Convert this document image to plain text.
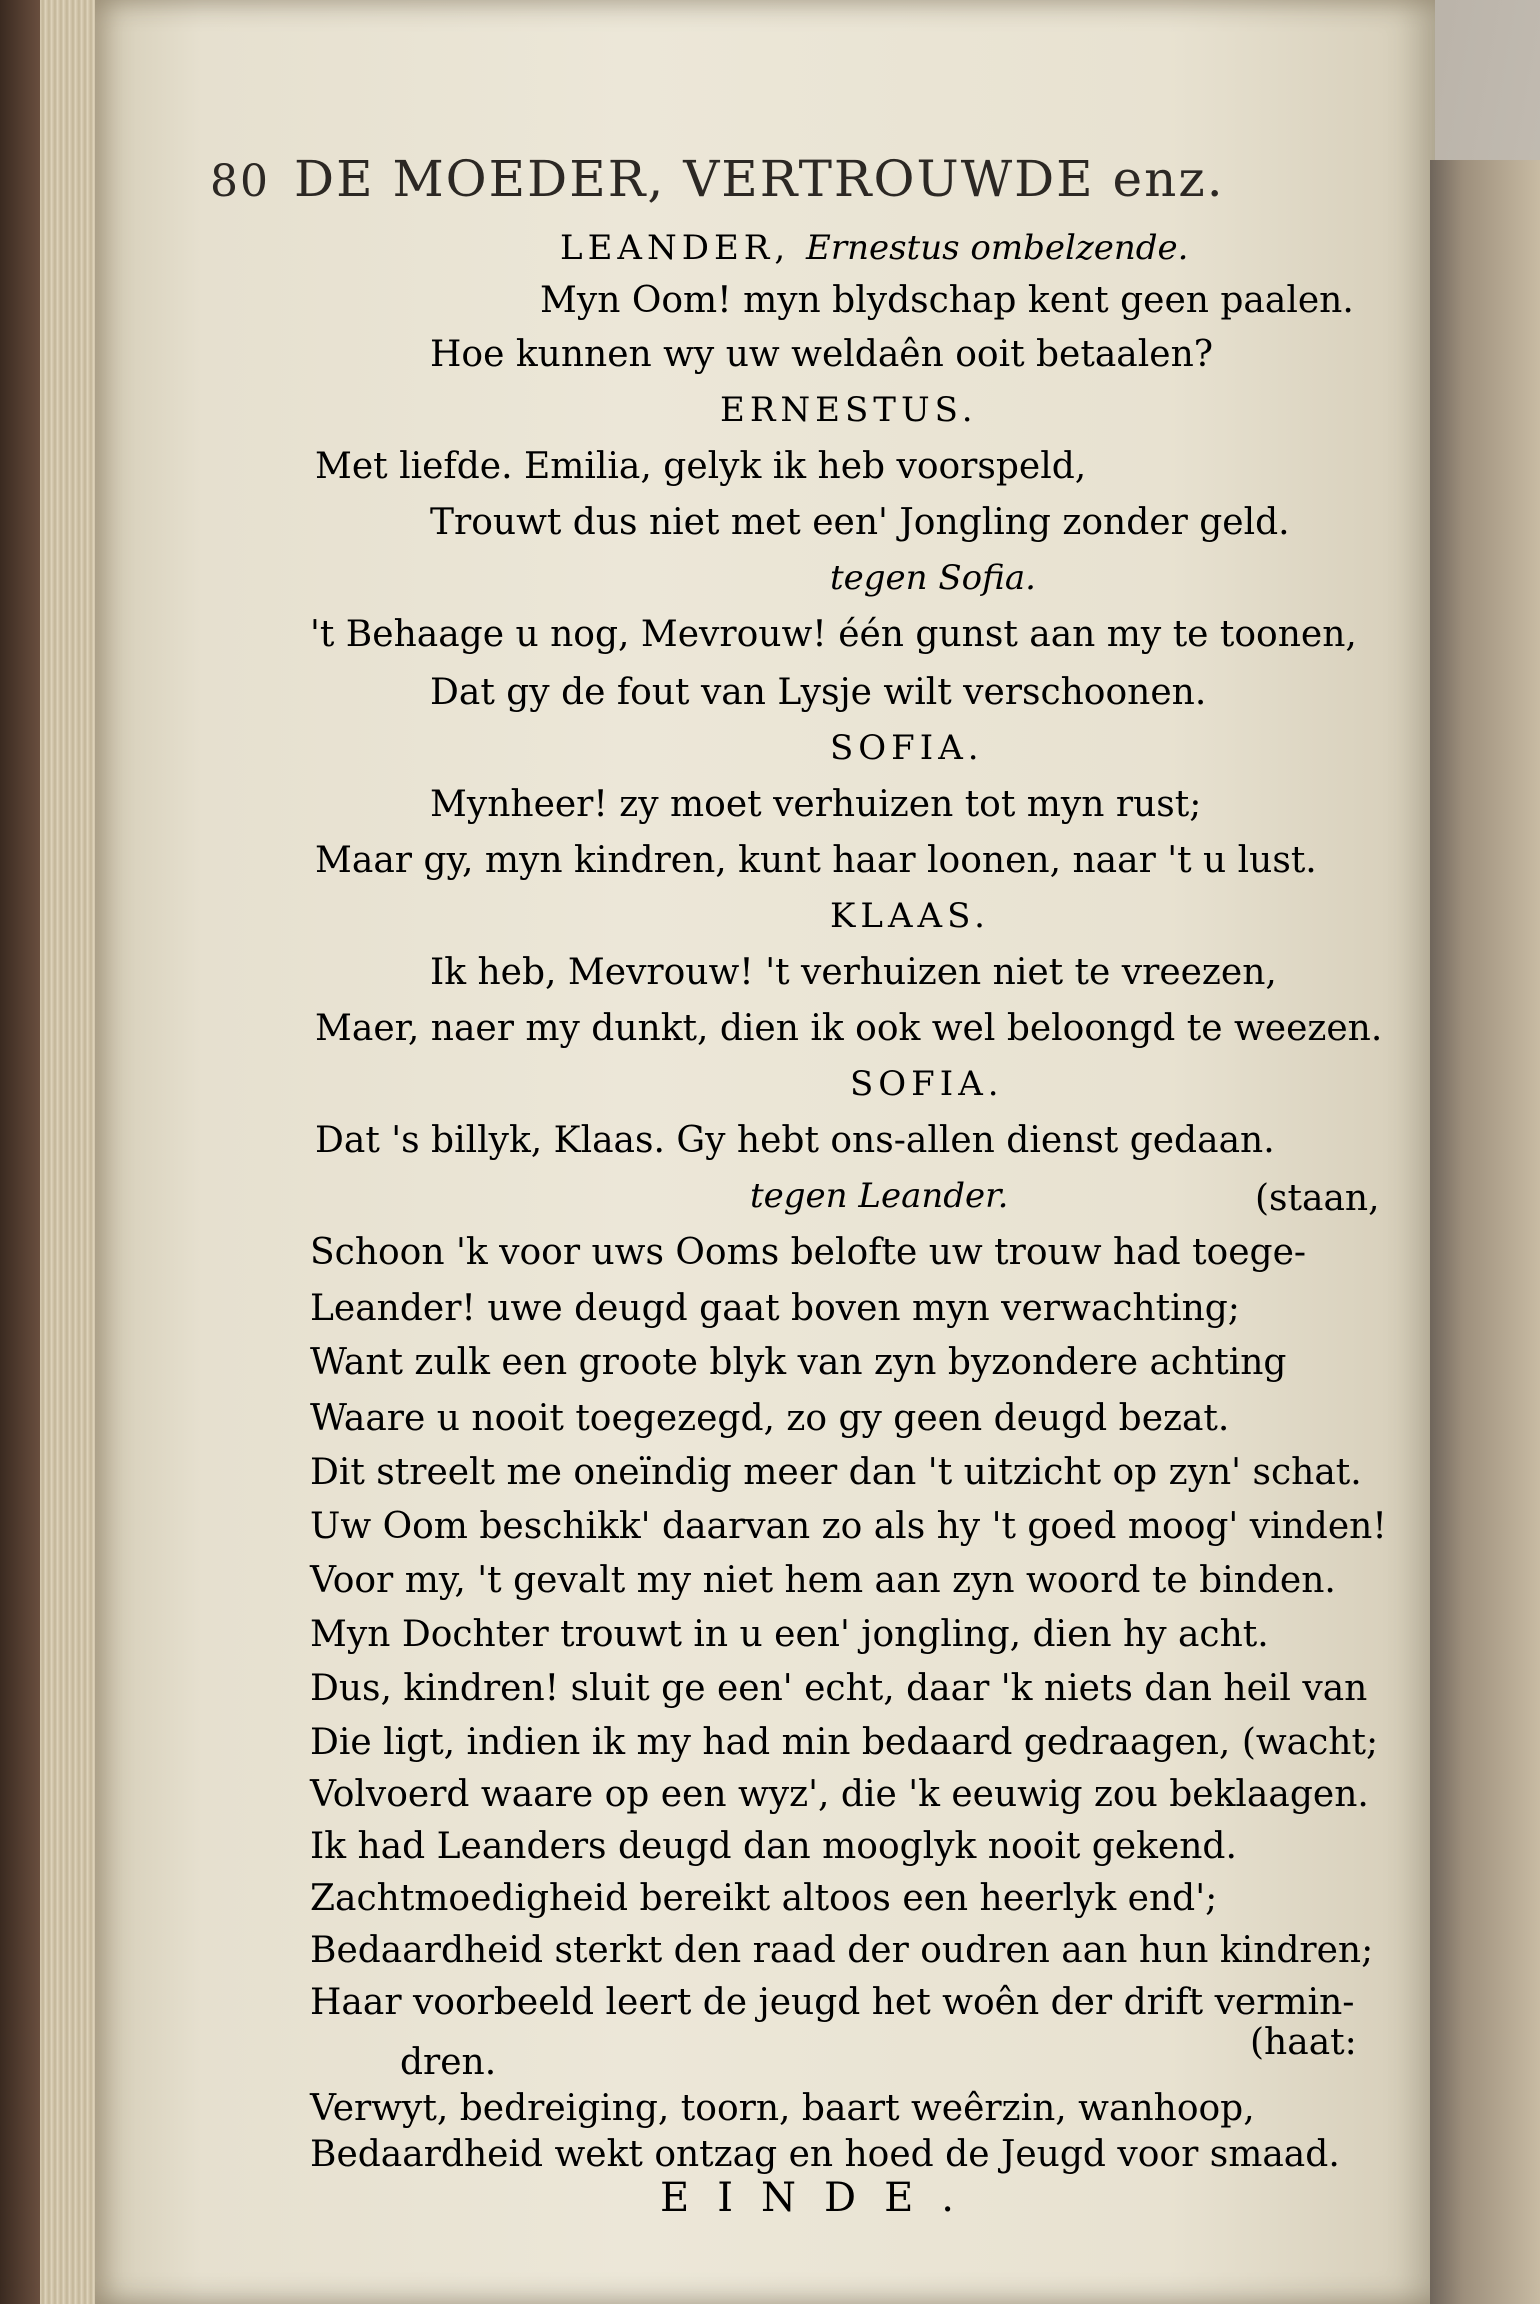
80 DE MOEDER, VERTROUWDE enz.
LEANDER, Ernestus ombelzende.
Myn Oom! myn blydschap kent geen paalen.
Hoe kunnen wy uw weldaên ooit betaalen?
ERNESTUS.
Met liefde. Emilia, gelyk ik heb voorspeld,
Trouwt dus niet met een' Jongling zonder geld.
tegen Sofia.
't Behaage u nog, Mevrouw! één gunst aan my te toonen,
Dat gy de fout van Lysje wilt verschoonen.
SOFIA.
Mynheer! zy moet verhuizen tot myn rust;
Maar gy, myn kindren, kunt haar loonen, naar 't u lust.
KLAAS.
Ik heb, Mevrouw! 't verhuizen niet te vreezen,
Maer, naer my dunkt, dien ik ook wel beloongd te weezen.
SOFIA.
Dat 's billyk, Klaas. Gy hebt ons-allen dienst gedaan.
tegen Leander.	(staan,
Schoon 'k voor uws Ooms belofte uw trouw had toege-
Leander! uwe deugd gaat boven myn verwachting;
Want zulk een groote blyk van zyn byzondere achting
Waare u nooit toegezegd, zo gy geen deugd bezat.
Dit streelt me oneïndig meer dan 't uitzicht op zyn' schat.
Uw Oom beschikk' daarvan zo als hy 't goed moog' vinden!
Voor my, 't gevalt my niet hem aan zyn woord te binden.
Myn Dochter trouwt in u een' jongling, dien hy acht.
Dus, kindren! sluit ge een' echt, daar 'k niets dan heil van
Die ligt, indien ik my had min bedaard gedraagen, (wacht;
Volvoerd waare op een wyz', die 'k eeuwig zou beklaagen.
Ik had Leanders deugd dan mooglyk nooit gekend.
Zachtmoedigheid bereikt altoos een heerlyk end';
Bedaardheid sterkt den raad der oudren aan hun kindren;
Haar voorbeeld leert de jeugd het woên der drift vermin-
(haat:
dren.
Verwyt, bedreiging, toorn, baart weêrzin, wanhoop,
Bedaardheid wekt ontzag en hoed de Jeugd voor smaad.
EINDE.
